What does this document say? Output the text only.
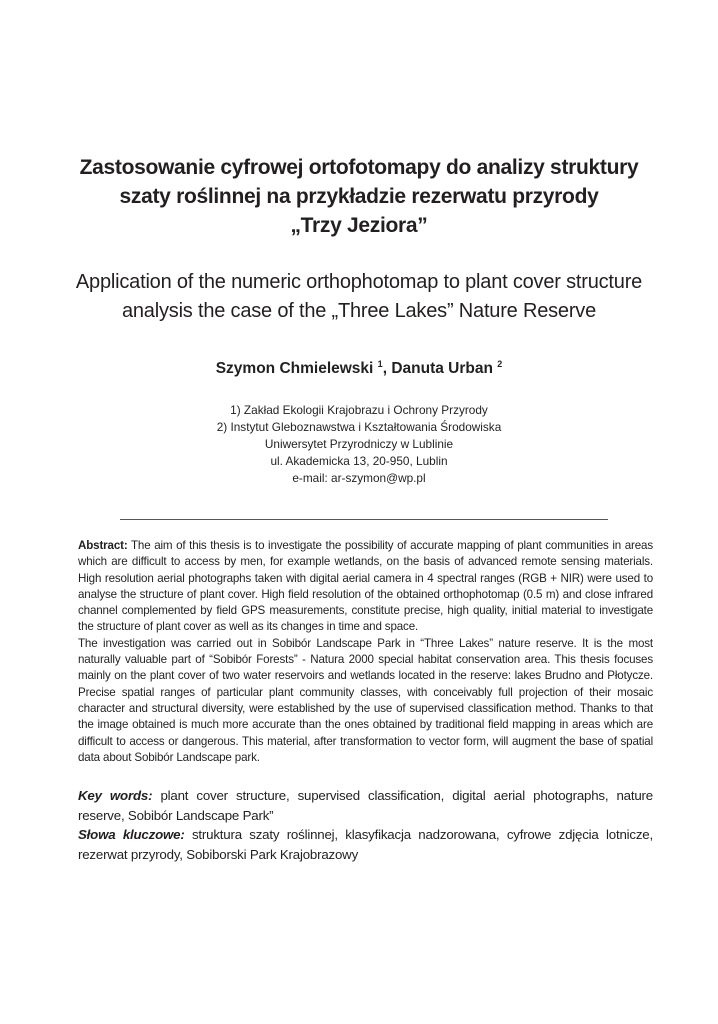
Zastosowanie cyfrowej ortofotomapy do analizy struktury
szaty roślinnej na przykładzie rezerwatu przyrody
„Trzy Jeziora”
Application of the numeric orthophotomap to plant cover structure
analysis the case of the „Three Lakes” Nature Reserve
Szymon Chmielewski $^1$, Danuta Urban $^2$
1) Zakład Ekologii Krajobrazu i Ochrony Przyrody
2) Instytut Gleboznawstwa i Kształtowania Środowiska
Uniwersytet Przyrodniczy w Lublinie
ul. Akademicka 13, 20-950, Lublin
e-mail: ar-szymon@wp.pl

Abstract: The aim of this thesis is to investigate the possibility of accurate mapping of plant communities in areas which are difficult to access by men, for example wetlands, on the basis of advanced remote sensing materials. High resolution aerial photographs taken with digital aerial camera in 4 spectral ranges (RGB + NIR) were used to analyse the structure of plant cover. High field resolution of the obtained orthophotomap (0.5 m) and close infrared channel complemented by field GPS measurements, constitute precise, high quality, initial material to investigate the structure of plant cover as well as its changes in time and space.

The investigation was carried out in Sobibór Landscape Park in “Three Lakes” nature reserve. It is the most naturally valuable part of “Sobibór Forests” - Natura 2000 special habitat conservation area. This thesis focuses mainly on the plant cover of two water reservoirs and wetlands located in the reserve: lakes Brudno and Płotycze. Precise spatial ranges of particular plant community classes, with conceivably full projection of their mosaic character and structural diversity, were established by the use of supervised classification method. Thanks to that the image obtained is much more accurate than the ones obtained by traditional field mapping in areas which are difficult to access or dangerous. This material, after transformation to vector form, will augment the base of spatial data about Sobibór Landscape park.

Key words: plant cover structure, supervised classification, digital aerial photographs, nature reserve, Sobibór Landscape Park”

Słowa kluczowe: struktura szaty roślinnej, klasyfikacja nadzorowana, cyfrowe zdjęcia lotnicze, rezerwat przyrody, Sobiborski Park Krajobrazowy
